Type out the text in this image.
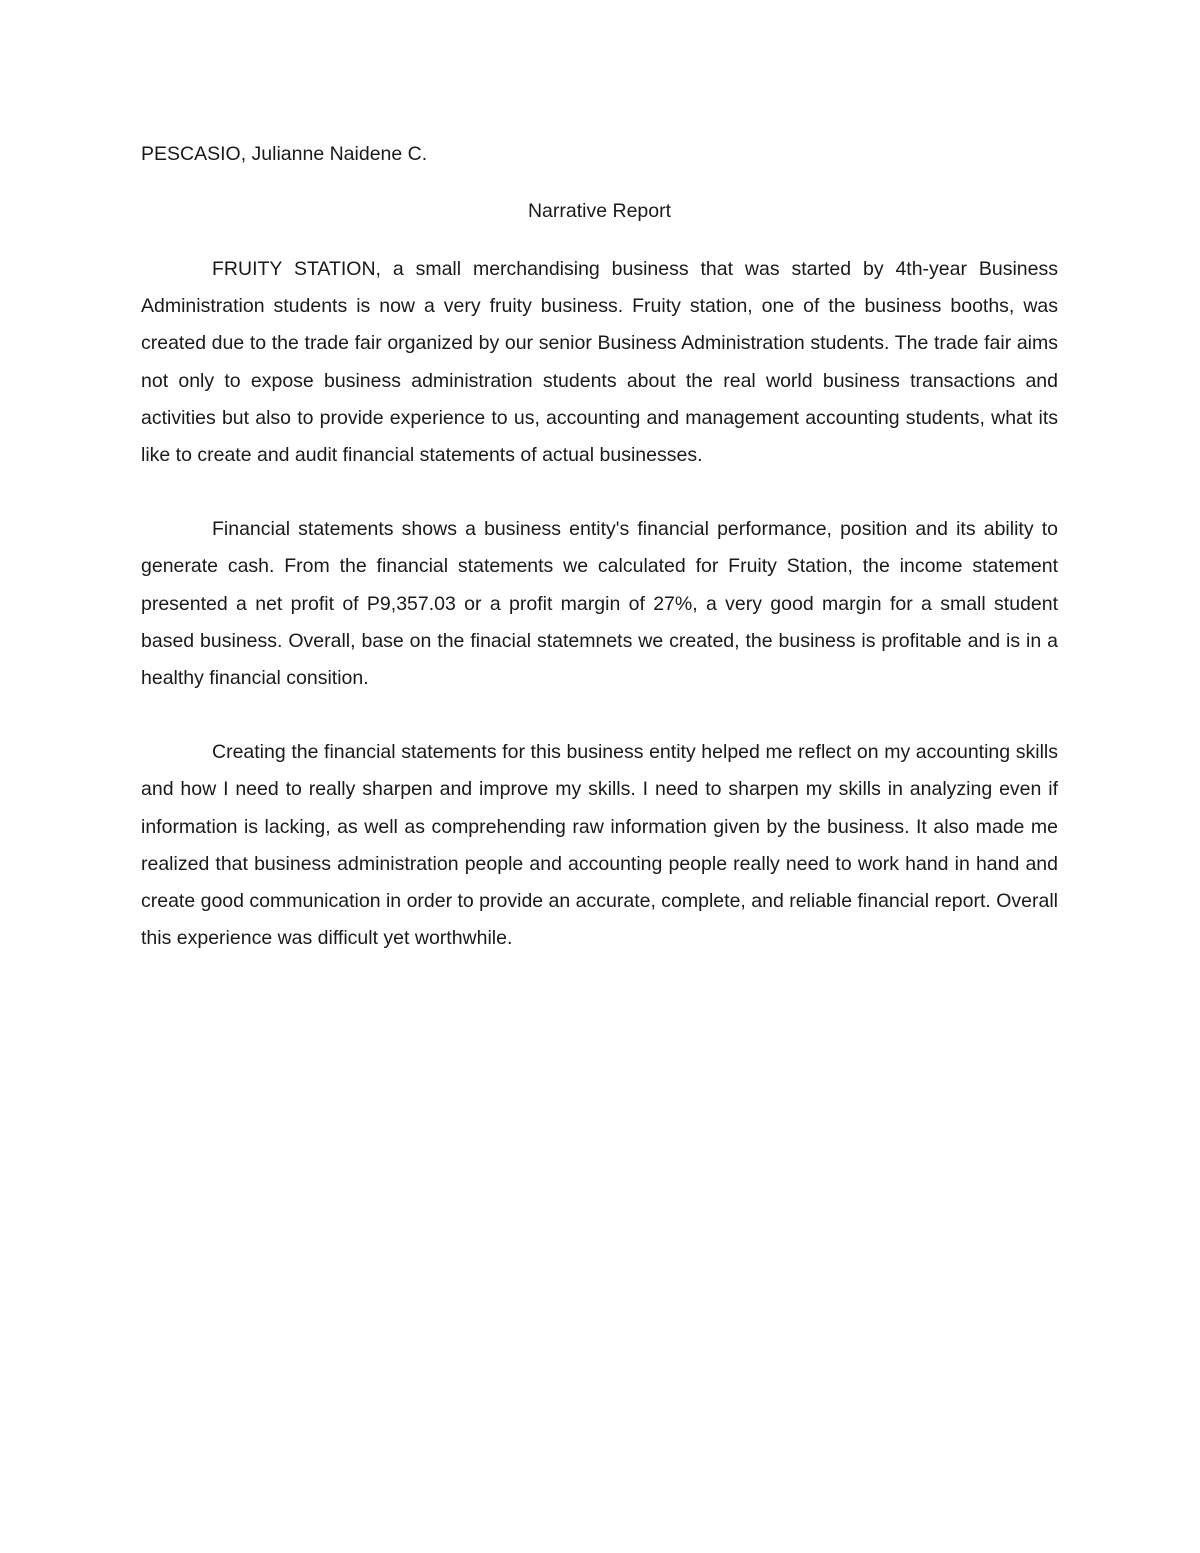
PESCASIO, Julianne Naidene C.

Narrative Report

FRUITY STATION, a small merchandising business that was started by 4th-year Business Administration students is now a very fruity business. Fruity station, one of the business booths, was created due to the trade fair organized by our senior Business Administration students. The trade fair aims not only to expose business administration students about the real world business transactions and activities but also to provide experience to us, accounting and management accounting students, what its like to create and audit financial statements of actual businesses.

Financial statements shows a business entity's financial performance, position and its ability to generate cash. From the financial statements we calculated for Fruity Station, the income statement presented a net profit of P9,357.03 or a profit margin of 27%, a very good margin for a small student based business. Overall, base on the finacial statemnets we created, the business is profitable and is in a healthy financial consition.

Creating the financial statements for this business entity helped me reflect on my accounting skills and how I need to really sharpen and improve my skills. I need to sharpen my skills in analyzing even if information is lacking, as well as comprehending raw information given by the business. It also made me realized that business administration people and accounting people really need to work hand in hand and create good communication in order to provide an accurate, complete, and reliable financial report. Overall this experience was difficult yet worthwhile.
